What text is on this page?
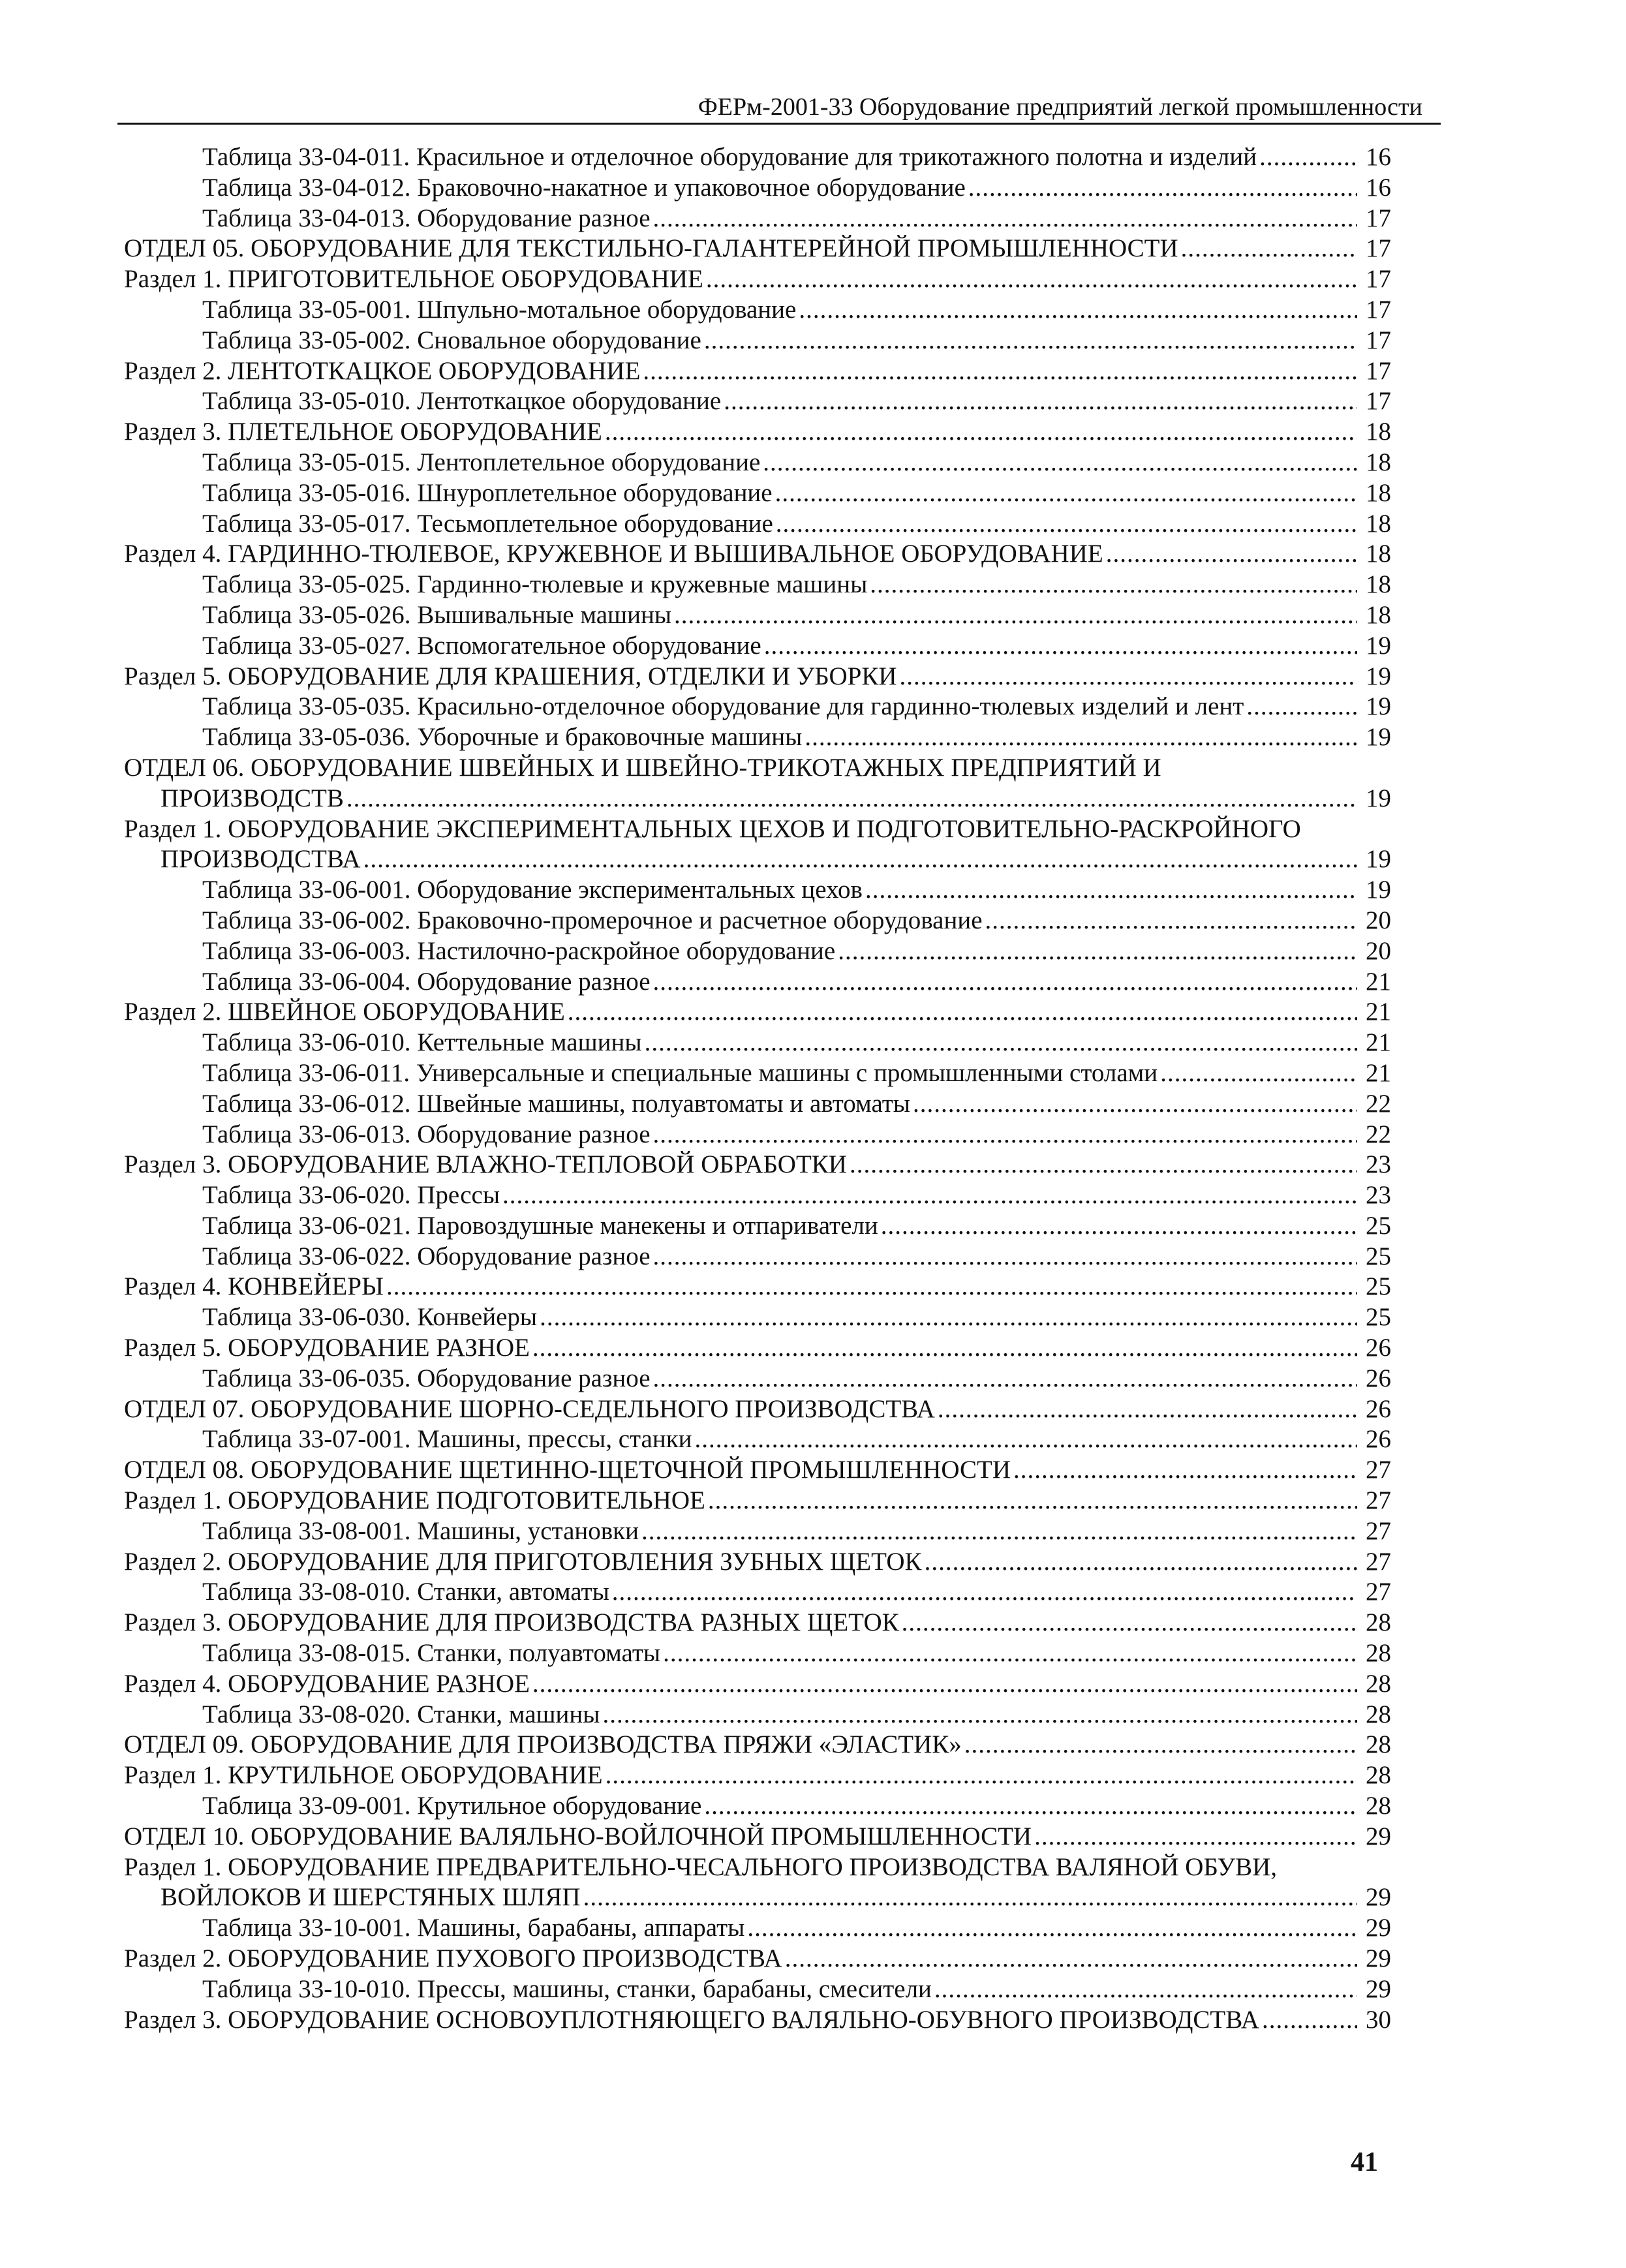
ФЕРм-2001-33 Оборудование предприятий легкой промышленности
Таблица 33-04-011. Красильное и отделочное оборудование для трикотажного полотна и изделий .....	16
Таблица 33-04-012. Браковочно-накатное и упаковочное оборудование .....	16
Таблица 33-04-013. Оборудование разное .....	17
ОТДЕЛ 05. ОБОРУДОВАНИЕ ДЛЯ ТЕКСТИЛЬНО-ГАЛАНТЕРЕЙНОЙ ПРОМЫШЛЕННОСТИ .....	17
Раздел 1. ПРИГОТОВИТЕЛЬНОЕ ОБОРУДОВАНИЕ .....	17
Таблица 33-05-001. Шпульно-мотальное оборудование .....	17
Таблица 33-05-002. Сновальное оборудование .....	17
Раздел 2. ЛЕНТОТКАЦКОЕ ОБОРУДОВАНИЕ .....	17
Таблица 33-05-010. Лентоткацкое оборудование .....	17
Раздел 3. ПЛЕТЕЛЬНОЕ ОБОРУДОВАНИЕ .....	18
Таблица 33-05-015. Лентоплетельное оборудование .....	18
Таблица 33-05-016. Шнуроплетельное оборудование .....	18
Таблица 33-05-017. Тесьмоплетельное оборудование .....	18
Раздел 4. ГАРДИННО-ТЮЛЕВОЕ, КРУЖЕВНОЕ И ВЫШИВАЛЬНОЕ ОБОРУДОВАНИЕ .....	18
Таблица 33-05-025. Гардинно-тюлевые и кружевные машины .....	18
Таблица 33-05-026. Вышивальные машины .....	18
Таблица 33-05-027. Вспомогательное оборудование .....	19
Раздел 5. ОБОРУДОВАНИЕ ДЛЯ КРАШЕНИЯ, ОТДЕЛКИ И УБОРКИ .....	19
Таблица 33-05-035. Красильно-отделочное оборудование для гардинно-тюлевых изделий и лент .....	19
Таблица 33-05-036. Уборочные и браковочные машины .....	19
ОТДЕЛ 06. ОБОРУДОВАНИЕ ШВЕЙНЫХ И ШВЕЙНО-ТРИКОТАЖНЫХ ПРЕДПРИЯТИЙ И
ПРОИЗВОДСТВ .....	19
Раздел 1. ОБОРУДОВАНИЕ ЭКСПЕРИМЕНТАЛЬНЫХ ЦЕХОВ И ПОДГОТОВИТЕЛЬНО-РАСКРОЙНОГО
ПРОИЗВОДСТВА .....	19
Таблица 33-06-001. Оборудование экспериментальных цехов .....	19
Таблица 33-06-002. Браковочно-промерочное и расчетное оборудование .....	20
Таблица 33-06-003. Настилочно-раскройное оборудование .....	20
Таблица 33-06-004. Оборудование разное .....	21
Раздел 2. ШВЕЙНОЕ ОБОРУДОВАНИЕ .....	21
Таблица 33-06-010. Кеттельные машины .....	21
Таблица 33-06-011. Универсальные и специальные машины с промышленными столами .....	21
Таблица 33-06-012. Швейные машины, полуавтоматы и автоматы .....	22
Таблица 33-06-013. Оборудование разное .....	22
Раздел 3. ОБОРУДОВАНИЕ ВЛАЖНО-ТЕПЛОВОЙ ОБРАБОТКИ .....	23
Таблица 33-06-020. Прессы .....	23
Таблица 33-06-021. Паровоздушные манекены и отпариватели .....	25
Таблица 33-06-022. Оборудование разное .....	25
Раздел 4. КОНВЕЙЕРЫ .....	25
Таблица 33-06-030. Конвейеры .....	25
Раздел 5. ОБОРУДОВАНИЕ РАЗНОЕ .....	26
Таблица 33-06-035. Оборудование разное .....	26
ОТДЕЛ 07. ОБОРУДОВАНИЕ ШОРНО-СЕДЕЛЬНОГО ПРОИЗВОДСТВА .....	26
Таблица 33-07-001. Машины, прессы, станки .....	26
ОТДЕЛ 08. ОБОРУДОВАНИЕ ЩЕТИННО-ЩЕТОЧНОЙ ПРОМЫШЛЕННОСТИ .....	27
Раздел 1. ОБОРУДОВАНИЕ ПОДГОТОВИТЕЛЬНОЕ .....	27
Таблица 33-08-001. Машины, установки .....	27
Раздел 2. ОБОРУДОВАНИЕ ДЛЯ ПРИГОТОВЛЕНИЯ ЗУБНЫХ ЩЕТОК .....	27
Таблица 33-08-010. Станки, автоматы .....	27
Раздел 3. ОБОРУДОВАНИЕ ДЛЯ ПРОИЗВОДСТВА РАЗНЫХ ЩЕТОК .....	28
Таблица 33-08-015. Станки, полуавтоматы .....	28
Раздел 4. ОБОРУДОВАНИЕ РАЗНОЕ .....	28
Таблица 33-08-020. Станки, машины .....	28
ОТДЕЛ 09. ОБОРУДОВАНИЕ ДЛЯ ПРОИЗВОДСТВА ПРЯЖИ «ЭЛАСТИК» .....	28
Раздел 1. КРУТИЛЬНОЕ ОБОРУДОВАНИЕ .....	28
Таблица 33-09-001. Крутильное оборудование .....	28
ОТДЕЛ 10. ОБОРУДОВАНИЕ ВАЛЯЛЬНО-ВОЙЛОЧНОЙ ПРОМЫШЛЕННОСТИ .....	29
Раздел 1. ОБОРУДОВАНИЕ ПРЕДВАРИТЕЛЬНО-ЧЕСАЛЬНОГО ПРОИЗВОДСТВА ВАЛЯНОЙ ОБУВИ,
ВОЙЛОКОВ И ШЕРСТЯНЫХ ШЛЯП .....	29
Таблица 33-10-001. Машины, барабаны, аппараты .....	29
Раздел 2. ОБОРУДОВАНИЕ ПУХОВОГО ПРОИЗВОДСТВА .....	29
Таблица 33-10-010. Прессы, машины, станки, барабаны, смесители .....	29
Раздел 3. ОБОРУДОВАНИЕ ОСНОВОУПЛОТНЯЮЩЕГО ВАЛЯЛЬНО-ОБУВНОГО ПРОИЗВОДСТВА .....	30
41
